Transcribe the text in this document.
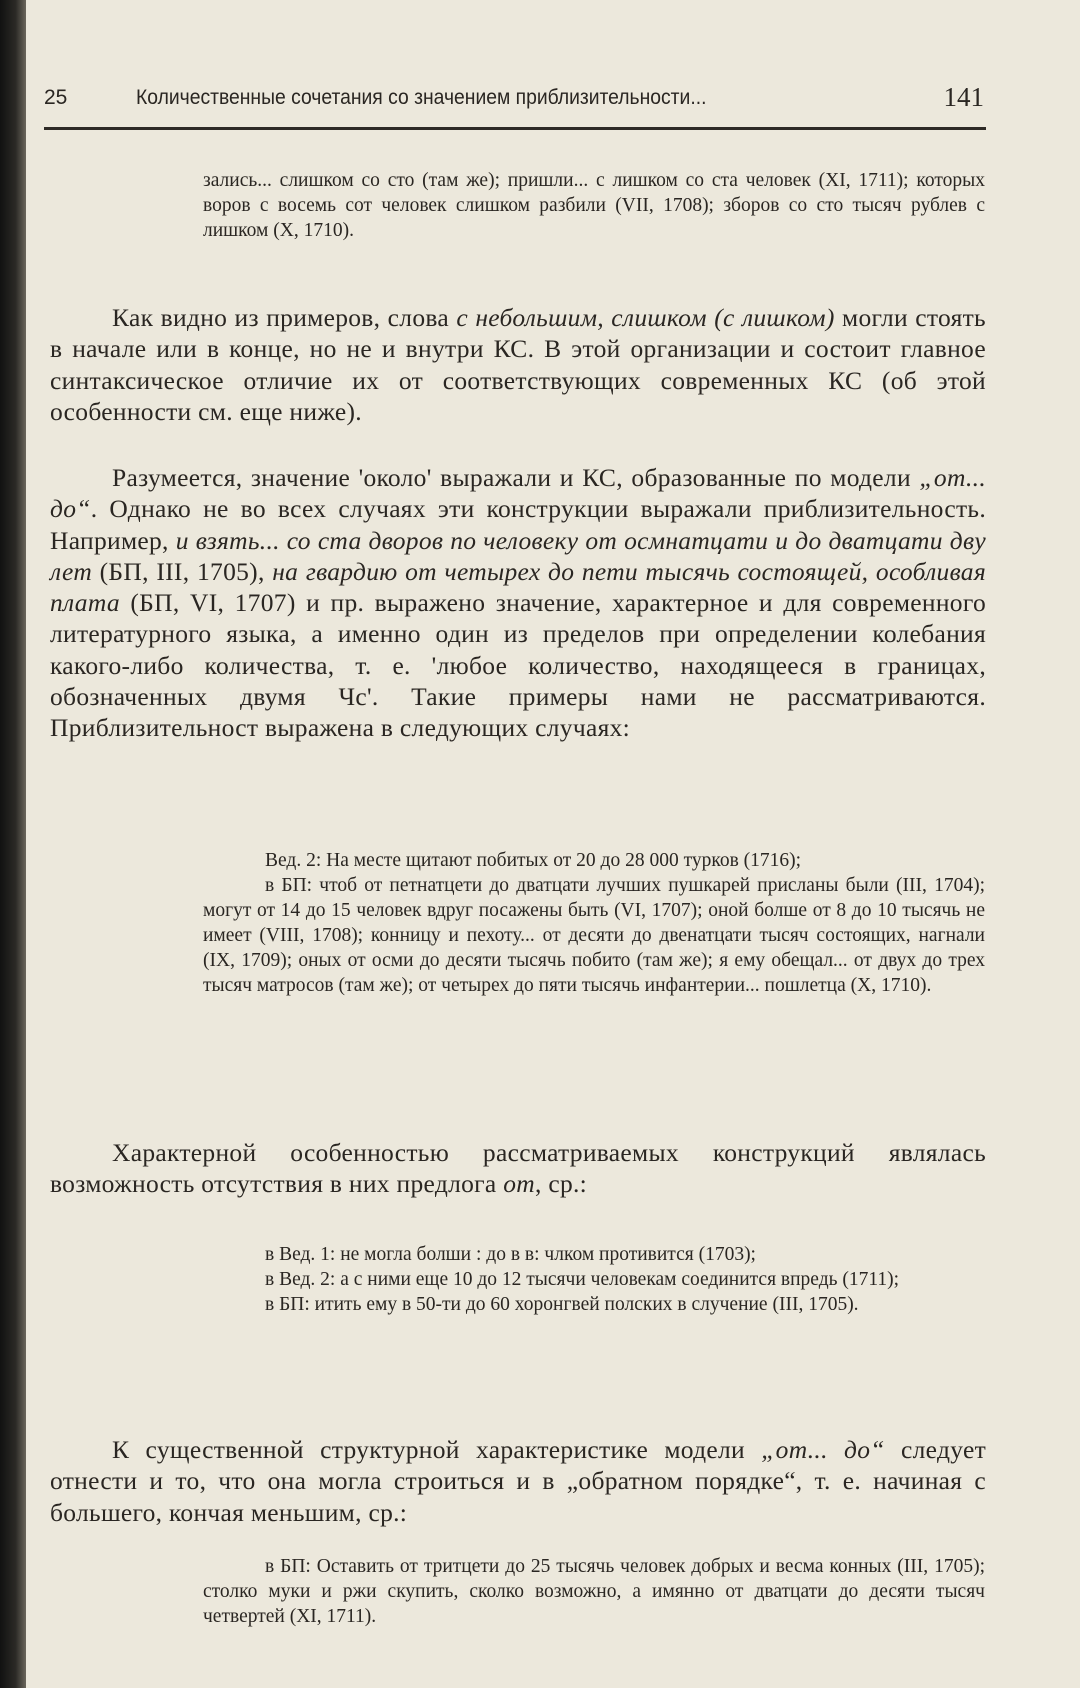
25	Количественные сочетания со значением приблизительности...	141

зались... слишком со сто (там же); пришли... с лишком со ста человек (XI, 1711); которых воров с восемь сот человек слишком разбили (VII, 1708); зборов со сто тысяч рублев с лишком (X, 1710).

Как видно из примеров, слова с небольшим, слишком (с лишком) могли стоять в начале или в конце, но не и внутри КС. В этой организации и состоит главное синтаксическое отличие их от соответствующих современных КС (об этой особенности см. еще ниже).

Разумеется, значение 'около' выражали и КС, образованные по модели „от... до“. Однако не во всех случаях эти конструкции выражали приблизительность. Например, и взять... со ста дворов по человеку от осмнатцати и до дватцати дву лет (БП, III, 1705), на гвардию от четырех до пети тысячь состоящей, особливая плата (БП, VI, 1707) и пр. выражено значение, характерное и для современного литературного языка, а именно один из пределов при определении колебания какого-либо количества, т. е. 'любое количество, находящееся в границах, обозначенных двумя Чс'. Такие примеры нами не рассматриваются. Приблизительност выражена в следующих случаях:

Вед. 2: На месте щитают побитых от 20 до 28 000 турков (1716);

в БП: чтоб от петнатцети до дватцати лучших пушкарей присланы были (III, 1704); могут от 14 до 15 человек вдруг посажены быть (VI, 1707); оной болше от 8 до 10 тысячь не имеет (VIII, 1708); конницу и пехоту... от десяти до двенатцати тысяч состоящих, нагнали (IX, 1709); оных от осми до десяти тысячь побито (там же); я ему обещал... от двух до трех тысяч матросов (там же); от четырех до пяти тысячь инфантерии... пошлетца (X, 1710).

Характерной особенностью рассматриваемых конструкций являлась возможность отсутствия в них предлога от, ср.:

в Вед. 1: не могла болши : до в в: члком противится (1703);

в Вед. 2: а с ними еще 10 до 12 тысячи человекам соединится впредь (1711);

в БП: итить ему в 50-ти до 60 хоронгвей полских в случение (III, 1705).

К существенной структурной характеристике модели „от... до“ следует отнести и то, что она могла строиться и в „обратном порядке“, т. е. начиная с большего, кончая меньшим, ср.:

в БП: Оставить от тритцети до 25 тысячь человек добрых и весма конных (III, 1705); столко муки и ржи скупить, сколко возможно, а имянно от дватцати до десяти тысяч четвертей (XI, 1711).
